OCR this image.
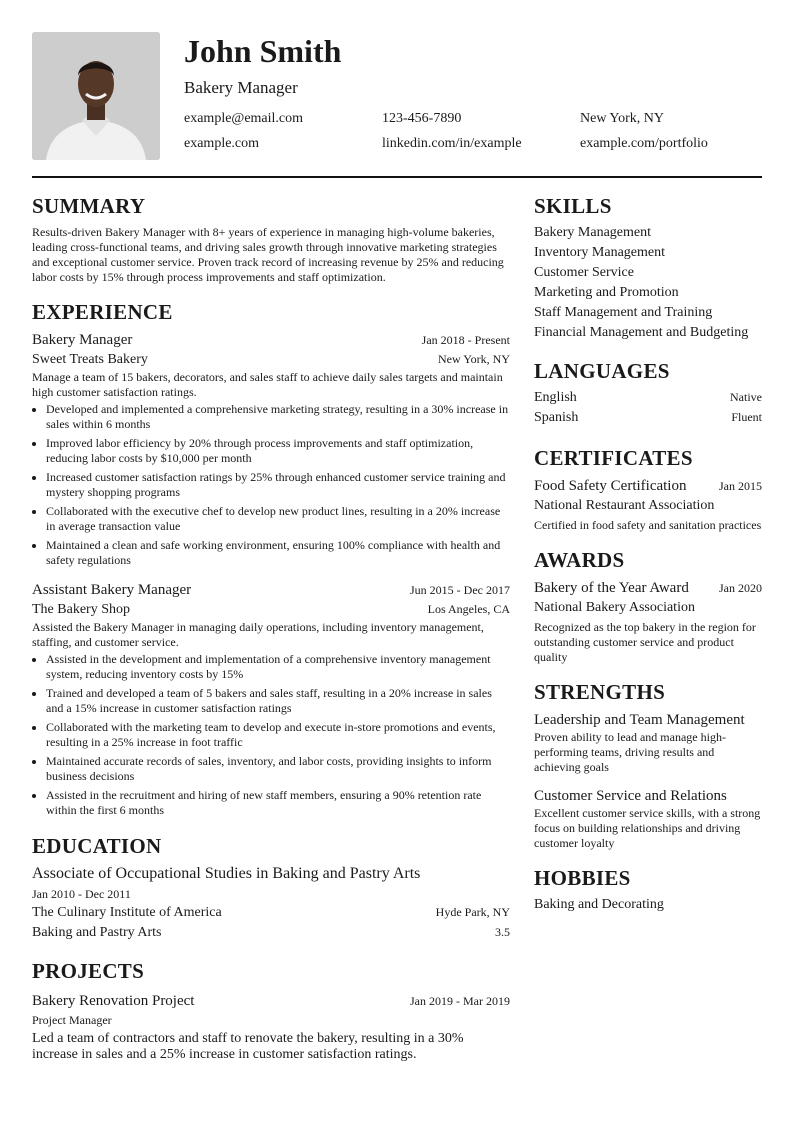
John Smith
Bakery Manager
example@email.com	123-456-7890	New York, NY
example.com	linkedin.com/in/example	example.com/portfolio
SUMMARY
Results-driven Bakery Manager with 8+ years of experience in managing high-volume bakeries, leading cross-functional teams, and driving sales growth through innovative marketing strategies and exceptional customer service. Proven track record of increasing revenue by 25% and reducing labor costs by 15% through process improvements and staff optimization.
EXPERIENCE
Bakery Manager	Jan 2018 - Present
Sweet Treats Bakery	New York, NY
Manage a team of 15 bakers, decorators, and sales staff to achieve daily sales targets and maintain high customer satisfaction ratings.
• Developed and implemented a comprehensive marketing strategy, resulting in a 30% increase in sales within 6 months
• Improved labor efficiency by 20% through process improvements and staff optimization, reducing labor costs by $10,000 per month
• Increased customer satisfaction ratings by 25% through enhanced customer service training and mystery shopping programs
• Collaborated with the executive chef to develop new product lines, resulting in a 20% increase in average transaction value
• Maintained a clean and safe working environment, ensuring 100% compliance with health and safety regulations
Assistant Bakery Manager	Jun 2015 - Dec 2017
The Bakery Shop	Los Angeles, CA
Assisted the Bakery Manager in managing daily operations, including inventory management, staffing, and customer service.
• Assisted in the development and implementation of a comprehensive inventory management system, reducing inventory costs by 15%
• Trained and developed a team of 5 bakers and sales staff, resulting in a 20% increase in sales and a 15% increase in customer satisfaction ratings
• Collaborated with the marketing team to develop and execute in-store promotions and events, resulting in a 25% increase in foot traffic
• Maintained accurate records of sales, inventory, and labor costs, providing insights to inform business decisions
• Assisted in the recruitment and hiring of new staff members, ensuring a 90% retention rate within the first 6 months
EDUCATION
Associate of Occupational Studies in Baking and Pastry Arts
Jan 2010 - Dec 2011
The Culinary Institute of America	Hyde Park, NY
Baking and Pastry Arts	3.5
PROJECTS
Bakery Renovation Project	Jan 2019 - Mar 2019
Project Manager
Led a team of contractors and staff to renovate the bakery, resulting in a 30% increase in sales and a 25% increase in customer satisfaction ratings.
SKILLS
Bakery Management
Inventory Management
Customer Service
Marketing and Promotion
Staff Management and Training
Financial Management and Budgeting
LANGUAGES
English	Native
Spanish	Fluent
CERTIFICATES
Food Safety Certification	Jan 2015
National Restaurant Association
Certified in food safety and sanitation practices
AWARDS
Bakery of the Year Award	Jan 2020
National Bakery Association
Recognized as the top bakery in the region for outstanding customer service and product quality
STRENGTHS
Leadership and Team Management
Proven ability to lead and manage high-performing teams, driving results and achieving goals
Customer Service and Relations
Excellent customer service skills, with a strong focus on building relationships and driving customer loyalty
HOBBIES
Baking and Decorating
